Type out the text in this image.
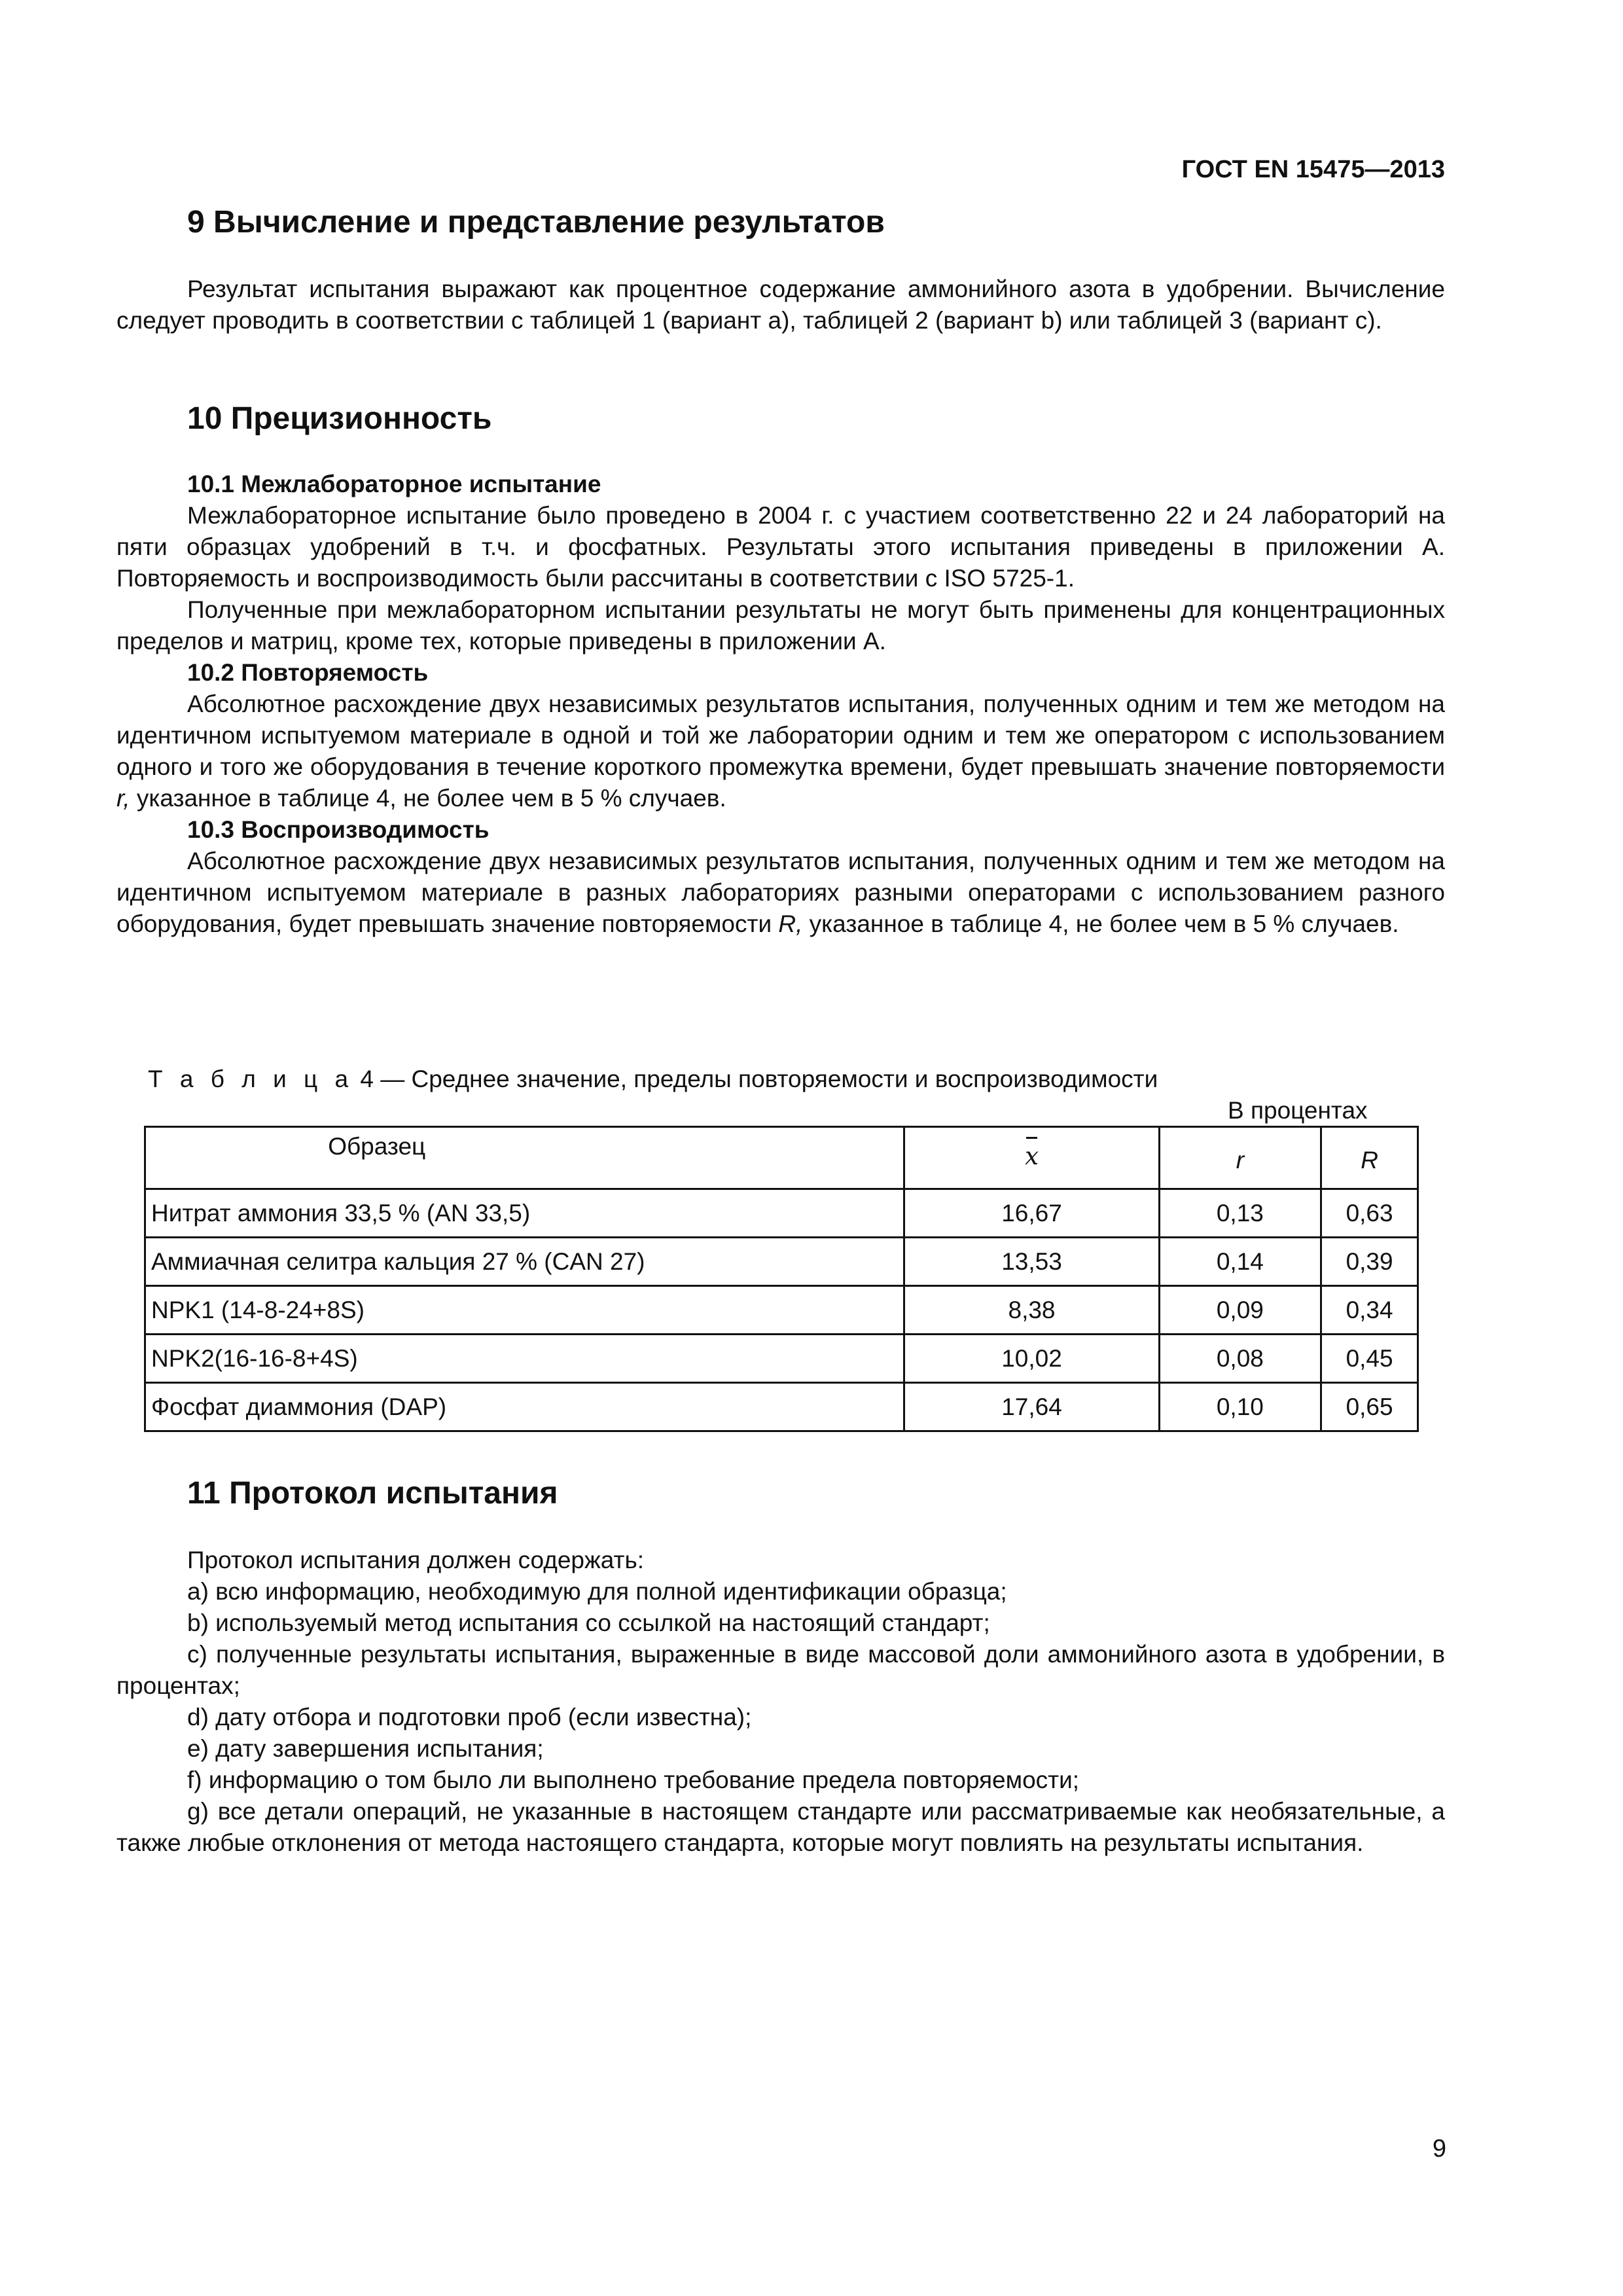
ГОСТ EN 15475—2013
9 Вычисление и представление результатов

Результат испытания выражают как процентное содержание аммонийного азота в удобрении. Вычисление следует проводить в соответствии с таблицей 1 (вариант a), таблицей 2 (вариант b) или таблицей 3 (вариант c).

10 Прецизионность

10.1 Межлабораторное испытание

Межлабораторное испытание было проведено в 2004 г. с участием соответственно 22 и 24 лабораторий на пяти образцах удобрений в т.ч. и фосфатных. Результаты этого испытания приведены в приложении А. Повторяемость и воспроизводимость были рассчитаны в соответствии с ISO 5725-1.

Полученные при межлабораторном испытании результаты не могут быть применены для концентрационных пределов и матриц, кроме тех, которые приведены в приложении А.

10.2 Повторяемость

Абсолютное расхождение двух независимых результатов испытания, полученных одним и тем же методом на идентичном испытуемом материале в одной и той же лаборатории одним и тем же оператором с использованием одного и того же оборудования в течение короткого промежутка времени, будет превышать значение повторяемости r, указанное в таблице 4, не более чем в 5 % случаев.

10.3 Воспроизводимость

Абсолютное расхождение двух независимых результатов испытания, полученных одним и тем же методом на идентичном испытуемом материале в разных лабораториях разными операторами с использованием разного оборудования, будет превышать значение повторяемости R, указанное в таблице 4, не более чем в 5 % случаев.

Т а б л и ц а 4 — Среднее значение, пределы повторяемости и воспроизводимости
В процентах
Образец	x	r	R
Нитрат аммония 33,5 % (AN 33,5)	16,67	0,13	0,63
Аммиачная селитра кальция 27 % (CAN 27)	13,53	0,14	0,39
NPK1 (14-8-24+8S)	8,38	0,09	0,34
NPK2(16-16-8+4S)	10,02	0,08	0,45
Фосфат диаммония (DAP)	17,64	0,10	0,65
11 Протокол испытания

Протокол испытания должен содержать:

a) всю информацию, необходимую для полной идентификации образца;

b) используемый метод испытания со ссылкой на настоящий стандарт;

c) полученные результаты испытания, выраженные в виде массовой доли аммонийного азота в удобрении, в процентах;

d) дату отбора и подготовки проб (если известна);

e) дату завершения испытания;

f) информацию о том было ли выполнено требование предела повторяемости;

g) все детали операций, не указанные в настоящем стандарте или рассматриваемые как необязательные, а также любые отклонения от метода настоящего стандарта, которые могут повлиять на результаты испытания.

9
